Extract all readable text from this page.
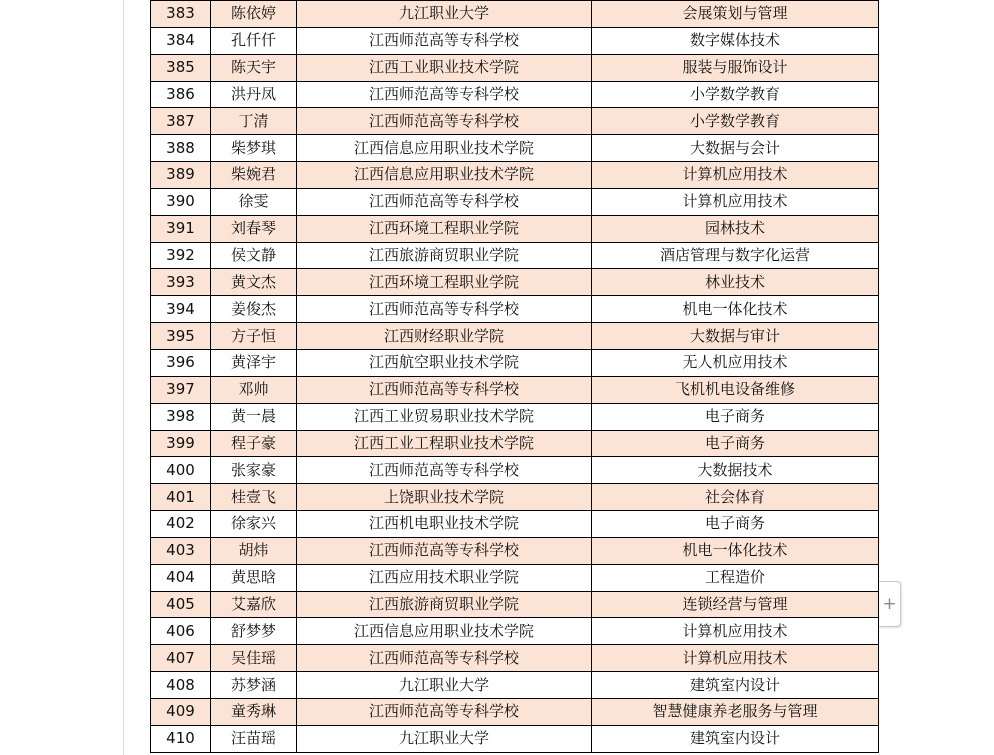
383	陈依婷	九江职业大学	会展策划与管理
384	孔仟仟	江西师范高等专科学校	数字媒体技术
385	陈天宇	江西工业职业技术学院	服装与服饰设计
386	洪丹凤	江西师范高等专科学校	小学数学教育
387	丁清	江西师范高等专科学校	小学数学教育
388	柴梦琪	江西信息应用职业技术学院	大数据与会计
389	柴婉君	江西信息应用职业技术学院	计算机应用技术
390	徐雯	江西师范高等专科学校	计算机应用技术
391	刘春琴	江西环境工程职业学院	园林技术
392	侯文静	江西旅游商贸职业学院	酒店管理与数字化运营
393	黄文杰	江西环境工程职业学院	林业技术
394	姜俊杰	江西师范高等专科学校	机电一体化技术
395	方子恒	江西财经职业学院	大数据与审计
396	黄泽宇	江西航空职业技术学院	无人机应用技术
397	邓帅	江西师范高等专科学校	飞机机电设备维修
398	黄一晨	江西工业贸易职业技术学院	电子商务
399	程子豪	江西工业工程职业技术学院	电子商务
400	张家豪	江西师范高等专科学校	大数据技术
401	桂壹飞	上饶职业技术学院	社会体育
402	徐家兴	江西机电职业技术学院	电子商务
403	胡炜	江西师范高等专科学校	机电一体化技术
404	黄思晗	江西应用技术职业学院	工程造价
405	艾嘉欣	江西旅游商贸职业学院	连锁经营与管理
406	舒梦梦	江西信息应用职业技术学院	计算机应用技术
407	吴佳瑶	江西师范高等专科学校	计算机应用技术
408	苏梦涵	九江职业大学	建筑室内设计
409	童秀琳	江西师范高等专科学校	智慧健康养老服务与管理
410	汪苗瑶	九江职业大学	建筑室内设计
+
